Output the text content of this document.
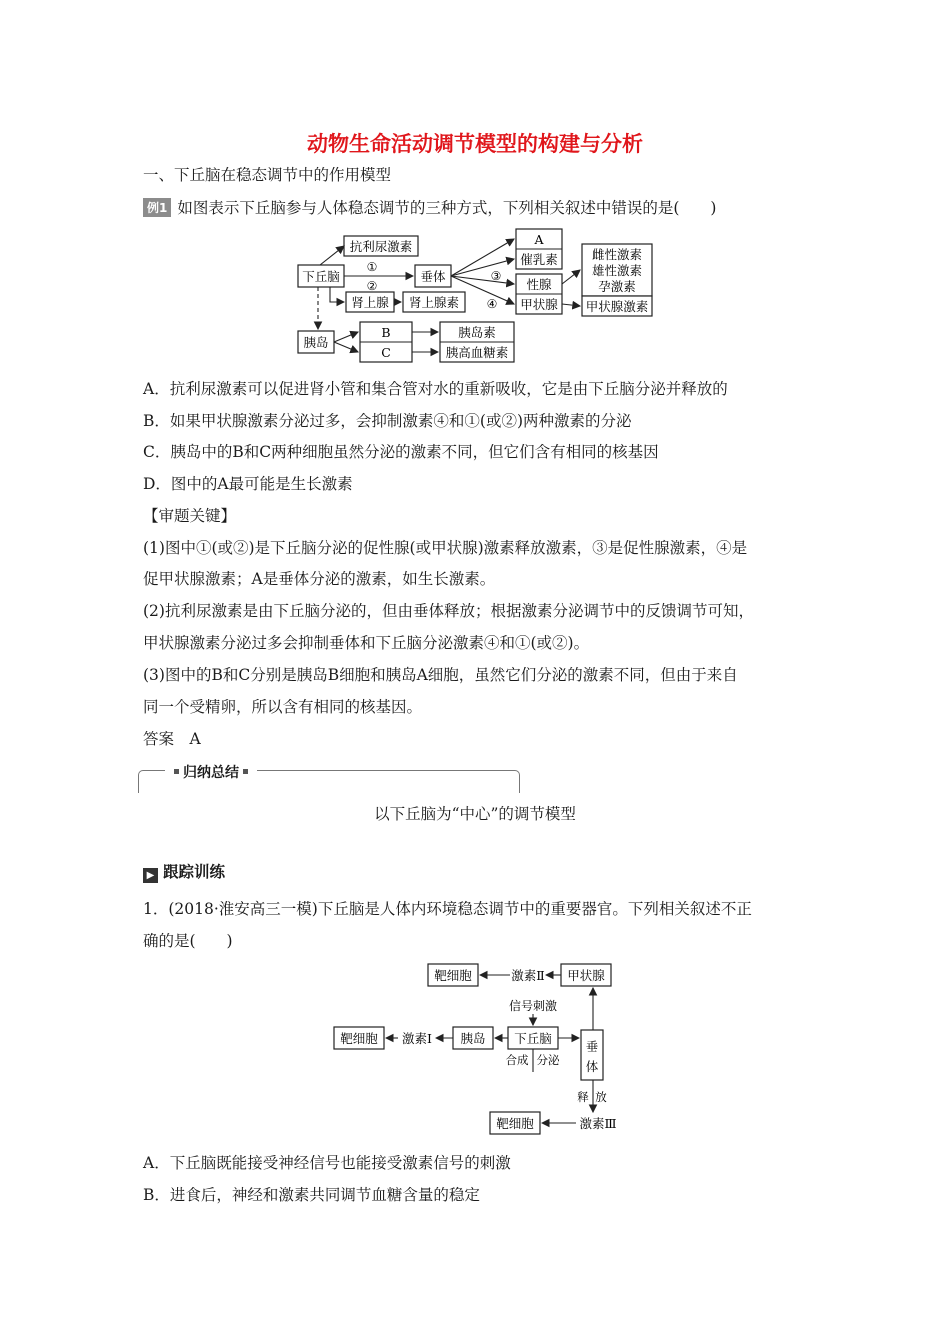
动物生命活动调节模型的构建与分析
一、下丘脑在稳态调节中的作用模型
例1 如图表示下丘脑参与人体稳态调节的三种方式，下列相关叙述中错误的是(　　)
下丘脑
抗利尿激素
①
②
垂体	③
④
A
催乳素
性腺
甲状腺
雌性激素
雄性激素
孕激素
甲状腺激素
肾上腺 肾上腺素
胰岛
B
C
胰岛素
胰高血糖素
A．抗利尿激素可以促进肾小管和集合管对水的重新吸收，它是由下丘脑分泌并释放的
B．如果甲状腺激素分泌过多，会抑制激素④和①(或②)两种激素的分泌
C．胰岛中的B和C两种细胞虽然分泌的激素不同，但它们含有相同的核基因
D．图中的A最可能是生长激素
【审题关键】
(1)图中①(或②)是下丘脑分泌的促性腺(或甲状腺)激素释放激素，③是促性腺激素，④是
促甲状腺激素；A是垂体分泌的激素，如生长激素。
(2)抗利尿激素是由下丘脑分泌的，但由垂体释放；根据激素分泌调节中的反馈调节可知，
甲状腺激素分泌过多会抑制垂体和下丘脑分泌激素④和①(或②)。
(3)图中的B和C分别是胰岛B细胞和胰岛A细胞，虽然它们分泌的激素不同，但由于来自
同一个受精卵，所以含有相同的核基因。
答案　A
归纳总结
以下丘脑为“中心”的调节模型
▶ 跟踪训练
1．(2018·淮安高三一模)下丘脑是人体内环境稳态调节中的重要器官。下列相关叙述不正
确的是(　　)
靶细胞	激素Ⅱ 甲状腺
信号刺激
靶细胞 激素Ⅰ 胰岛 下丘脑
合成 分泌
垂
体
释 放
靶细胞	激素Ⅲ
A．下丘脑既能接受神经信号也能接受激素信号的刺激
B．进食后，神经和激素共同调节血糖含量的稳定
